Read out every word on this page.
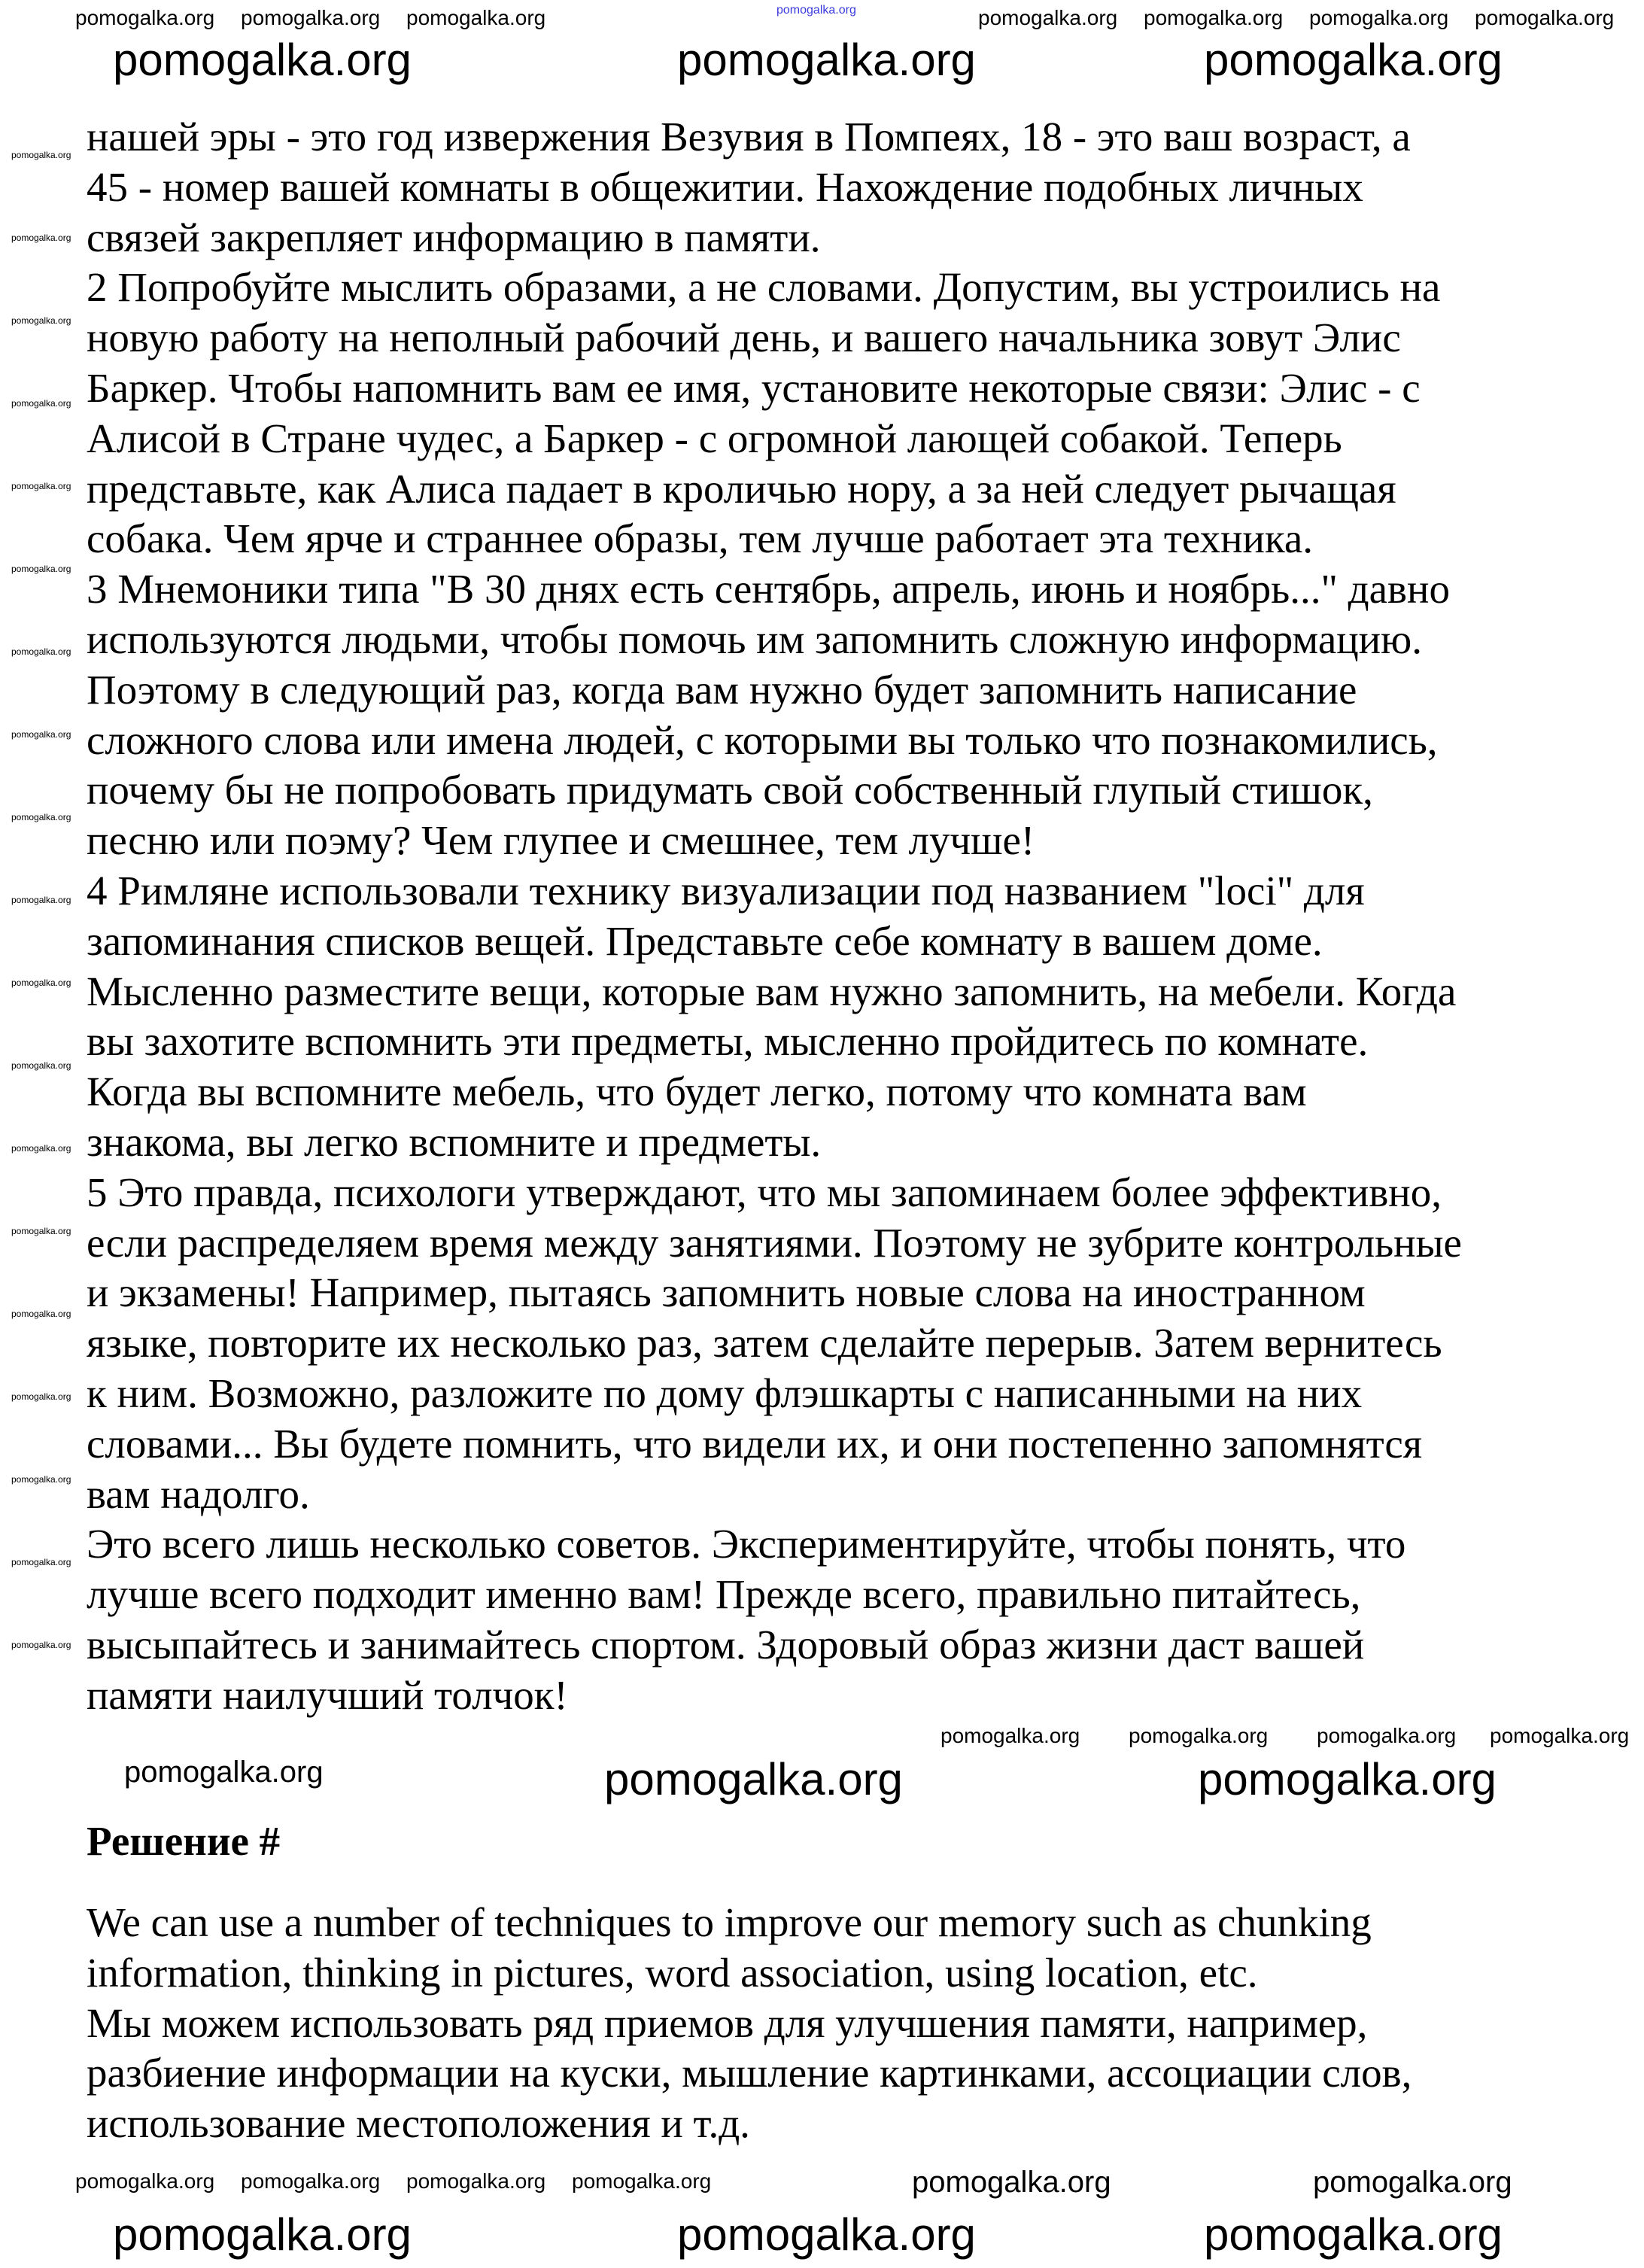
нашей эры - это год извержения Везувия в Помпеях, 18 - это ваш возраст, а
45 - номер вашей комнаты в общежитии. Нахождение подобных личных
связей закрепляет информацию в памяти.
2 Попробуйте мыслить образами, а не словами. Допустим, вы устроились на
новую работу на неполный рабочий день, и вашего начальника зовут Элис
Баркер. Чтобы напомнить вам ее имя, установите некоторые связи: Элис - с
Алисой в Стране чудес, а Баркер - с огромной лающей собакой. Теперь
представьте, как Алиса падает в кроличью нору, а за ней следует рычащая
собака. Чем ярче и страннее образы, тем лучше работает эта техника.
3 Мнемоники типа "В 30 днях есть сентябрь, апрель, июнь и ноябрь..." давно
используются людьми, чтобы помочь им запомнить сложную информацию.
Поэтому в следующий раз, когда вам нужно будет запомнить написание
сложного слова или имена людей, с которыми вы только что познакомились,
почему бы не попробовать придумать свой собственный глупый стишок,
песню или поэму? Чем глупее и смешнее, тем лучше!
4 Римляне использовали технику визуализации под названием "loci" для
запоминания списков вещей. Представьте себе комнату в вашем доме.
Мысленно разместите вещи, которые вам нужно запомнить, на мебели. Когда
вы захотите вспомнить эти предметы, мысленно пройдитесь по комнате.
Когда вы вспомните мебель, что будет легко, потому что комната вам
знакома, вы легко вспомните и предметы.
5 Это правда, психологи утверждают, что мы запоминаем более эффективно,
если распределяем время между занятиями. Поэтому не зубрите контрольные
и экзамены! Например, пытаясь запомнить новые слова на иностранном
языке, повторите их несколько раз, затем сделайте перерыв. Затем вернитесь
к ним. Возможно, разложите по дому флэшкарты с написанными на них
словами... Вы будете помнить, что видели их, и они постепенно запомнятся
вам надолго.
Это всего лишь несколько советов. Экспериментируйте, чтобы понять, что
лучше всего подходит именно вам! Прежде всего, правильно питайтесь,
высыпайтесь и занимайтесь спортом. Здоровый образ жизни даст вашей
памяти наилучший толчок!
Решение #
We can use a number of techniques to improve our memory such as chunking
information, thinking in pictures, word association, using location, etc.
Мы можем использовать ряд приемов для улучшения памяти, например,
разбиение информации на куски, мышление картинками, ассоциации слов,
использование местоположения и т.д.
pomogalka.org
pomogalka.org	pomogalka.org	pomogalka.org
pomogalka.org pomogalka.org pomogalka.org	pomogalka.org pomogalka.org pomogalka.org pomogalka.org
pomogalka.org pomogalka.org pomogalka.org pomogalka.org
pomogalka.org	pomogalka.org	pomogalka.org
pomogalka.org pomogalka.org pomogalka.org pomogalka.org	pomogalka.org	pomogalka.org
pomogalka.org	pomogalka.org	pomogalka.org
pomogalka.org
pomogalka.org
pomogalka.org
pomogalka.org
pomogalka.org
pomogalka.org
pomogalka.org
pomogalka.org
pomogalka.org
pomogalka.org
pomogalka.org
pomogalka.org
pomogalka.org
pomogalka.org
pomogalka.org
pomogalka.org
pomogalka.org
pomogalka.org
pomogalka.org
